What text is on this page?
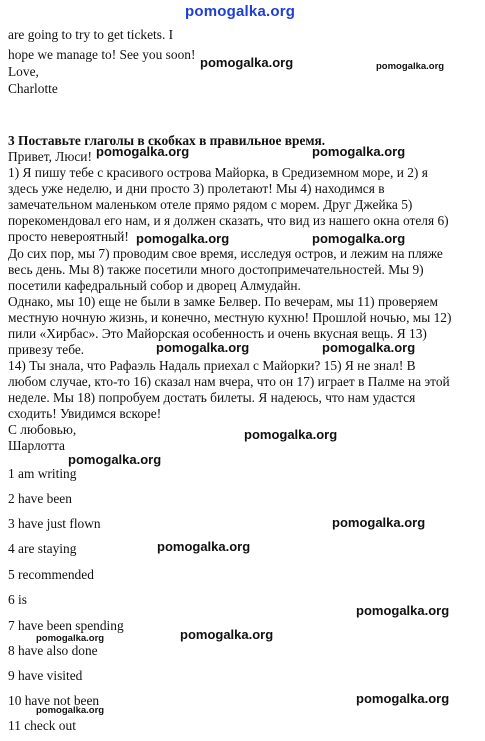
pomogalka.org
are going to try to get tickets. I
hope we manage to! See you soon!
Love,
Charlotte
pomogalka.org	pomogalka.org
3 Поставьте глаголы в скобках в правильное время.
Привет, Люси!
1) Я пишу тебе с красивого острова Майорка, в Средиземном море, и 2) я
здесь уже неделю, и дни просто 3) пролетают! Мы 4) находимся в
замечательном маленьком отеле прямо рядом с морем. Друг Джейка 5)
порекомендовал его нам, и я должен сказать, что вид из нашего окна отеля 6)
просто невероятный!
До сих пор, мы 7) проводим свое время, исследуя остров, и лежим на пляже
весь день. Мы 8) также посетили много достопримечательностей. Мы 9)
посетили кафедральный собор и дворец Алмудайн.
Однако, мы 10) еще не были в замке Белвер. По вечерам, мы 11) проверяем
местную ночную жизнь, и конечно, местную кухню! Прошлой ночью, мы 12)
пили «Хирбас». Это Майорская особенность и очень вкусная вещь. Я 13)
привезу тебе.
14) Ты знала, что Рафаэль Надаль приехал с Майорки? 15) Я не знал! В
любом случае, кто-то 16) сказал нам вчера, что он 17) играет в Палме на этой
неделе. Мы 18) попробуем достать билеты. Я надеюсь, что нам удастся
сходить! Увидимся вскоре!
С любовью,
Шарлотта
pomogalka.org	pomogalka.org
pomogalka.org	pomogalka.org
pomogalka.org	pomogalka.org
pomogalka.org
1 am writing
2 have been
3 have just flown
4 are staying
5 recommended
6 is
7 have been spending
8 have also done
9 have visited
10 have not been
11 check out
pomogalka.org
pomogalka.org
pomogalka.org
pomogalka.org
pomogalka.org
pomogalka.org
pomogalka.org
pomogalka.org
